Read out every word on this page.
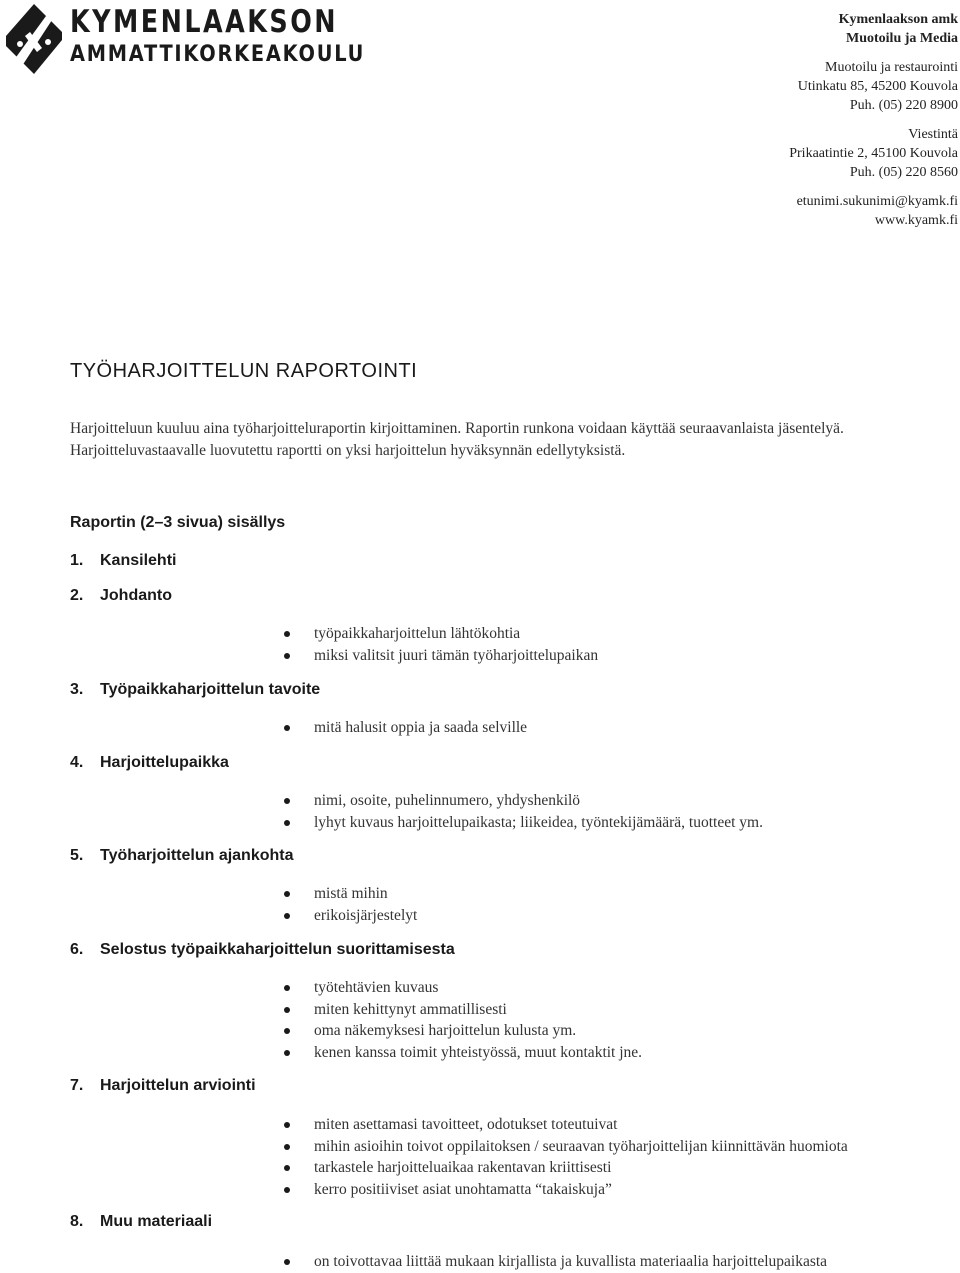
KYMENLAAKSON
AMMATTIKORKEAKOULU
Kymenlaakson amk
Muotoilu ja Media
Muotoilu ja restaurointi
Utinkatu 85, 45200 Kouvola
Puh. (05) 220 8900
Viestintä
Prikaatintie 2, 45100 Kouvola
Puh. (05) 220 8560
etunimi.sukunimi@kyamk.fi
www.kyamk.fi
TYÖHARJOITTELUN RAPORTOINTI

Harjoitteluun kuuluu aina työharjoitteluraportin kirjoittaminen. Raportin runkona voidaan käyttää seuraavanlaista jäsentelyä.

Harjoitteluvastaavalle luovutettu raportti on yksi harjoittelun hyväksynnän edellytyksistä.

Raportin (2–3 sivua) sisällys
1. Kansilehti
2. Johdanto
työpaikkaharjoittelun lähtökohtia
miksi valitsit juuri tämän työharjoittelupaikan
3. Työpaikkaharjoittelun tavoite
mitä halusit oppia ja saada selville
4. Harjoittelupaikka
nimi, osoite, puhelinnumero, yhdyshenkilö
lyhyt kuvaus harjoittelupaikasta; liikeidea, työntekijämäärä, tuotteet ym.
5. Työharjoittelun ajankohta
mistä mihin
erikoisjärjestelyt
6. Selostus työpaikkaharjoittelun suorittamisesta
työtehtävien kuvaus
miten kehittynyt ammatillisesti
oma näkemyksesi harjoittelun kulusta ym.
kenen kanssa toimit yhteistyössä, muut kontaktit jne.
7. Harjoittelun arviointi
miten asettamasi tavoitteet, odotukset toteutuivat
mihin asioihin toivot oppilaitoksen / seuraavan työharjoittelijan kiinnittävän huomiota
tarkastele harjoitteluaikaa rakentavan kriittisesti
kerro positiiviset asiat unohtamatta “takaiskuja”
8. Muu materiaali
on toivottavaa liittää mukaan kirjallista ja kuvallista materiaalia harjoittelupaikasta
